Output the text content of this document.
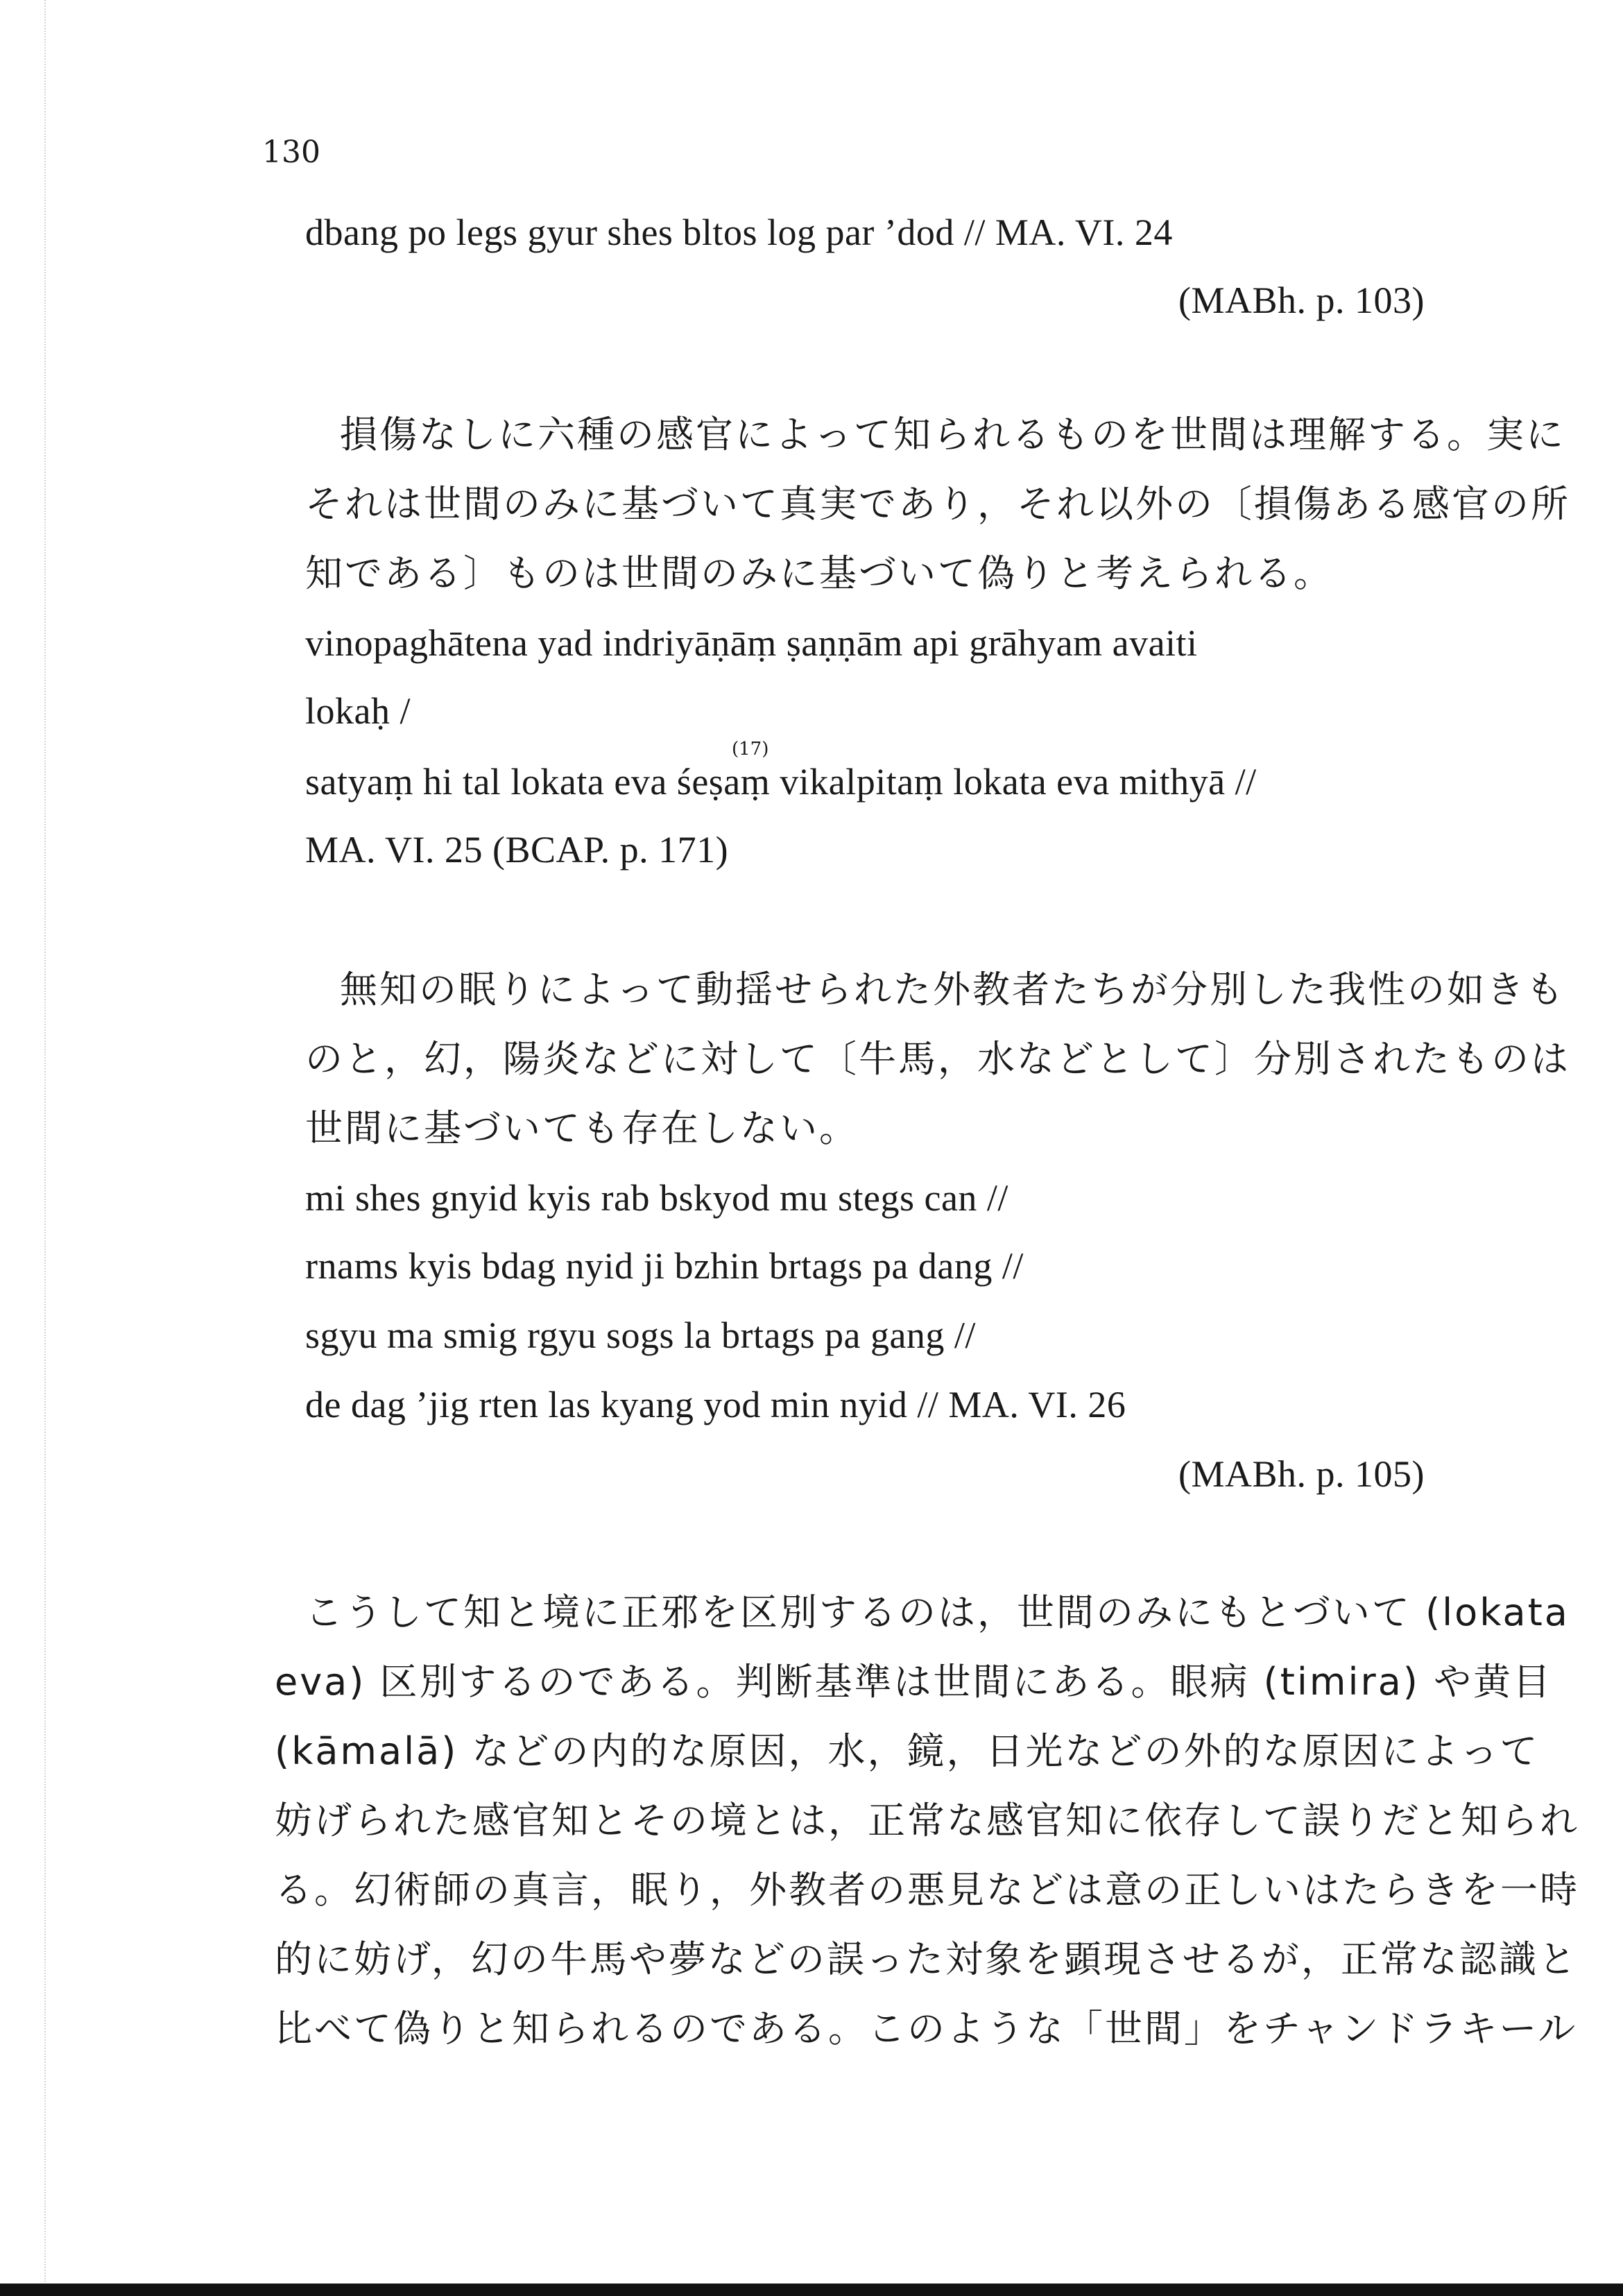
130
dbang po legs gyur shes bltos log par ’dod // MA. VI. 24
(MABh. p. 103)
損傷なしに六種の感官によって知られるものを世間は理解する。実に
それは世間のみに基づいて真実であり，それ以外の〔損傷ある感官の所
知である〕ものは世間のみに基づいて偽りと考えられる。
vinopaghātena yad indriyāṇāṃ ṣaṇṇām api grāhyam avaiti
lokaḥ /
(17)
satyaṃ hi tal lokata eva śeṣaṃ vikalpitaṃ lokata eva mithyā //
MA. VI. 25 (BCAP. p. 171)
無知の眠りによって動揺せられた外教者たちが分別した我性の如きも
のと，幻，陽炎などに対して〔牛馬，水などとして〕分別されたものは
世間に基づいても存在しない。
mi shes gnyid kyis rab bskyod mu stegs can //
rnams kyis bdag nyid ji bzhin brtags pa dang //
sgyu ma smig rgyu sogs la brtags pa gang //
de dag ’jig rten las kyang yod min nyid // MA. VI. 26
(MABh. p. 105)
こうして知と境に正邪を区別するのは，世間のみにもとづいて (lokata
eva) 区別するのである。判断基準は世間にある。眼病 (timira) や黄目
(kāmalā) などの内的な原因，水，鏡，日光などの外的な原因によって
妨げられた感官知とその境とは，正常な感官知に依存して誤りだと知られ
る。幻術師の真言，眠り，外教者の悪見などは意の正しいはたらきを一時
的に妨げ，幻の牛馬や夢などの誤った対象を顕現させるが，正常な認識と
比べて偽りと知られるのである。このような「世間」をチャンドラキール
